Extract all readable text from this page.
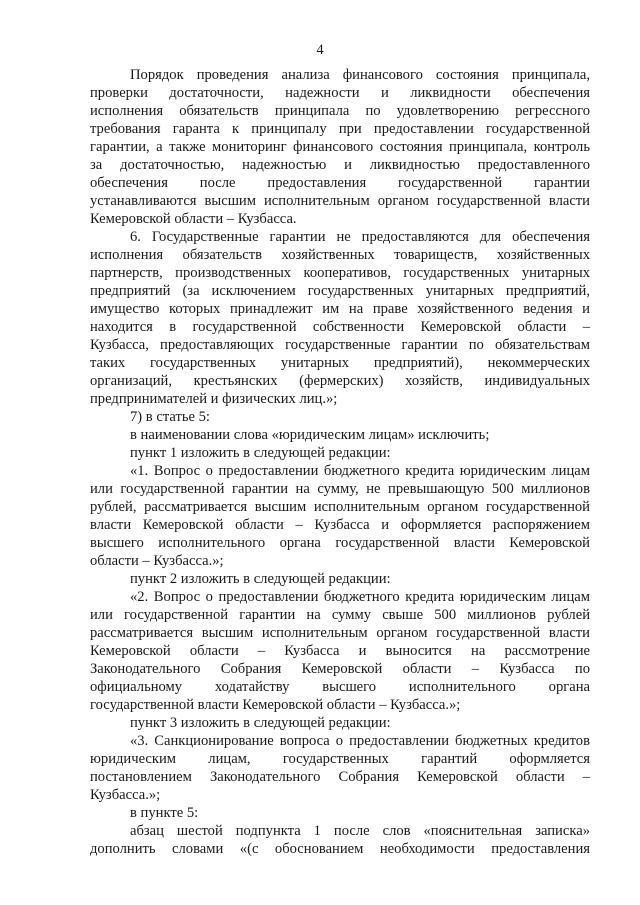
4
Порядок проведения анализа финансового состояния принципала,
проверки достаточности, надежности и ликвидности обеспечения
исполнения обязательств принципала по удовлетворению регрессного
требования гаранта к принципалу при предоставлении государственной
гарантии, а также мониторинг финансового состояния принципала, контроль
за достаточностью, надежностью и ликвидностью предоставленного
обеспечения после предоставления государственной гарантии
устанавливаются высшим исполнительным органом государственной власти
Кемеровской области – Кузбасса.
6. Государственные гарантии не предоставляются для обеспечения
исполнения обязательств хозяйственных товариществ, хозяйственных
партнерств, производственных кооперативов, государственных унитарных
предприятий (за исключением государственных унитарных предприятий,
имущество которых принадлежит им на праве хозяйственного ведения и
находится в государственной собственности Кемеровской области –
Кузбасса, предоставляющих государственные гарантии по обязательствам
таких государственных унитарных предприятий), некоммерческих
организаций, крестьянских (фермерских) хозяйств, индивидуальных
предпринимателей и физических лиц.»;
7) в статье 5:
в наименовании слова «юридическим лицам» исключить;
пункт 1 изложить в следующей редакции:
«1. Вопрос о предоставлении бюджетного кредита юридическим лицам
или государственной гарантии на сумму, не превышающую 500 миллионов
рублей, рассматривается высшим исполнительным органом государственной
власти Кемеровской области – Кузбасса и оформляется распоряжением
высшего исполнительного органа государственной власти Кемеровской
области – Кузбасса.»;
пункт 2 изложить в следующей редакции:
«2. Вопрос о предоставлении бюджетного кредита юридическим лицам
или государственной гарантии на сумму свыше 500 миллионов рублей
рассматривается высшим исполнительным органом государственной власти
Кемеровской области – Кузбасса и выносится на рассмотрение
Законодательного Собрания Кемеровской области – Кузбасса по
официальному ходатайству высшего исполнительного органа
государственной власти Кемеровской области – Кузбасса.»;
пункт 3 изложить в следующей редакции:
«3. Санкционирование вопроса о предоставлении бюджетных кредитов
юридическим лицам, государственных гарантий оформляется
постановлением Законодательного Собрания Кемеровской области –
Кузбасса.»;
в пункте 5:
абзац шестой подпункта 1 после слов «пояснительная записка»
дополнить словами «(с обоснованием необходимости предоставления
